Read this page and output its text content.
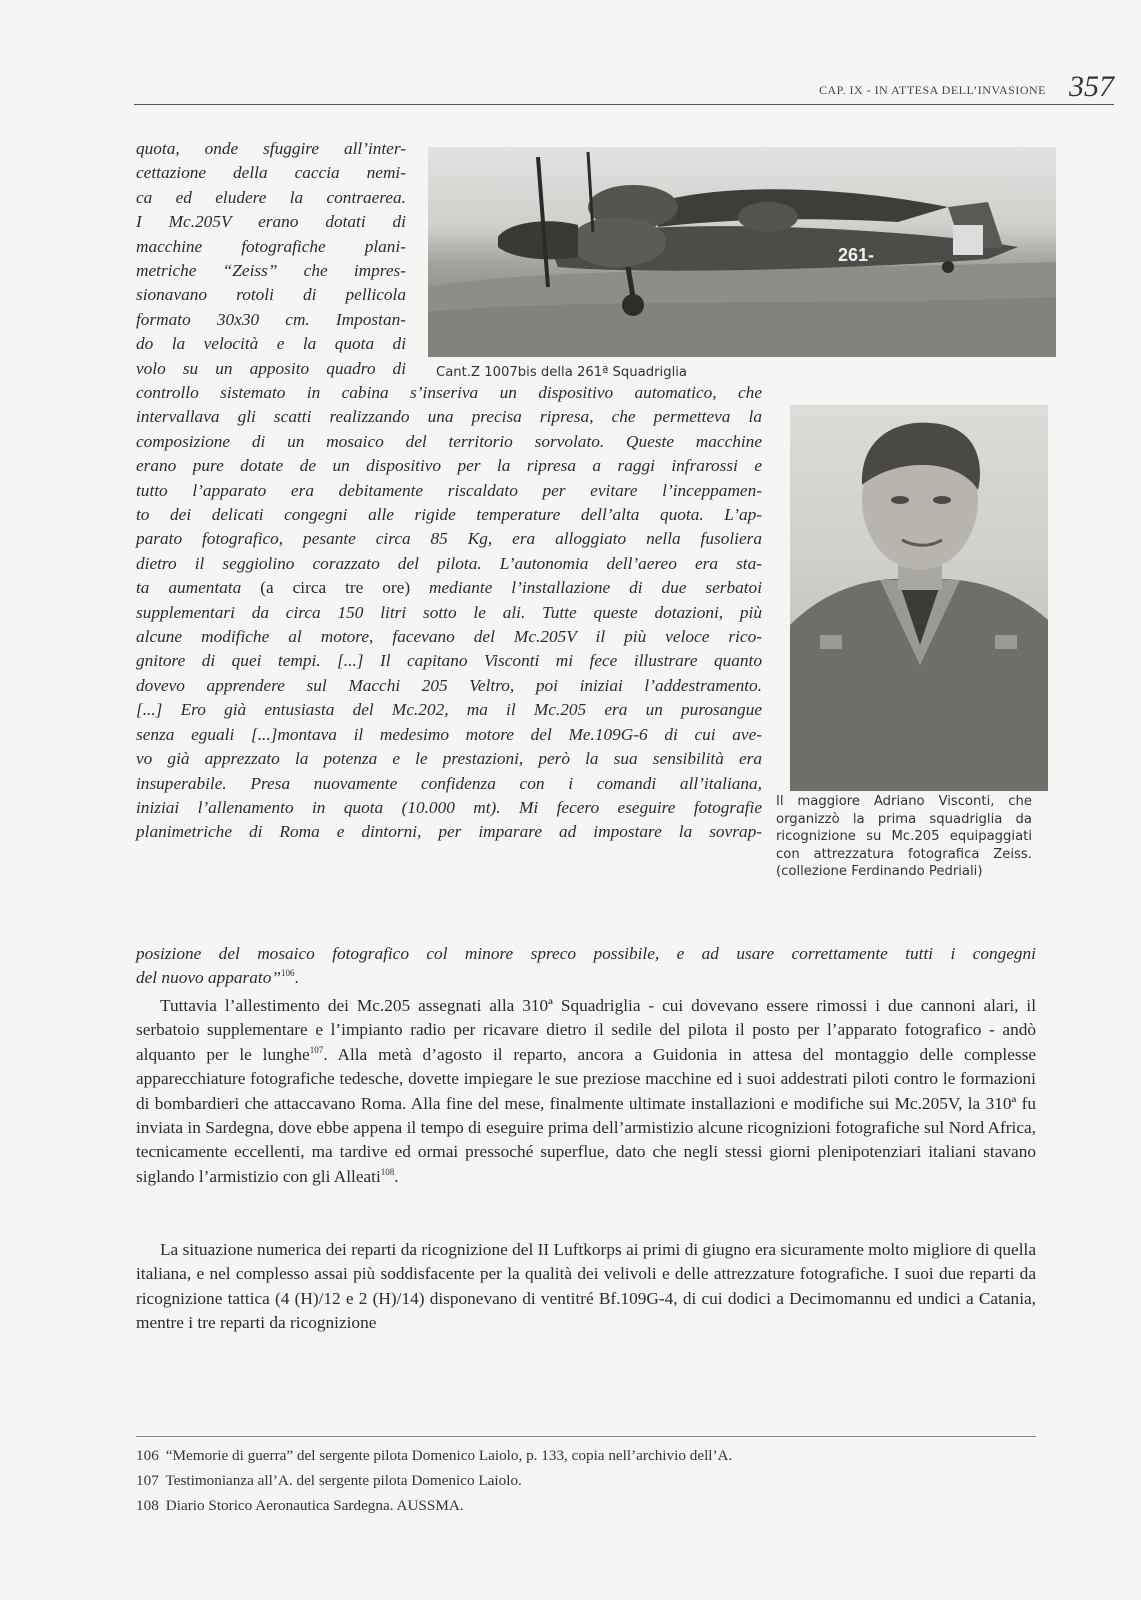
CAP. IX - IN ATTESA DELL’INVASIONE 357
261-

Cant.Z 1007bis della 261ª Squadriglia

Il maggiore Adriano Visconti, che
organizzò la prima squadriglia da
ricognizione su Mc.205 equipaggiati
con attrezzatura fotografica Zeiss.
(collezione Ferdinando Pedriali)

quota, onde sfuggire all’inter-
cettazione della caccia nemi-
ca ed eludere la contraerea.
I Mc.205V erano dotati di
macchine fotografiche plani-
metriche “Zeiss” che impres-
sionavano rotoli di pellicola
formato 30x30 cm. Impostan-
do la velocità e la quota di
volo su un apposito quadro di
controllo sistemato in cabina s’inseriva un dispositivo automatico, che
intervallava gli scatti realizzando una precisa ripresa, che permetteva la
composizione di un mosaico del territorio sorvolato. Queste macchine
erano pure dotate de un dispositivo per la ripresa a raggi infrarossi e
tutto l’apparato era debitamente riscaldato per evitare l’inceppamen-
to dei delicati congegni alle rigide temperature dell’alta quota. L’ap-
parato fotografico, pesante circa 85 Kg, era alloggiato nella fusoliera
dietro il seggiolino corazzato del pilota. L’autonomia dell’aereo era sta-
ta aumentata (a circa tre ore) mediante l’installazione di due serbatoi
supplementari da circa 150 litri sotto le ali. Tutte queste dotazioni, più
alcune modifiche al motore, facevano del Mc.205V il più veloce rico-
gnitore di quei tempi. [...] Il capitano Visconti mi fece illustrare quanto
dovevo apprendere sul Macchi 205 Veltro, poi iniziai l’addestramento.
[...] Ero già entusiasta del Mc.202, ma il Mc.205 era un purosangue
senza eguali [...]montava il medesimo motore del Me.109G-6 di cui ave-
vo già apprezzato la potenza e le prestazioni, però la sua sensibilità era
insuperabile. Presa nuovamente confidenza con i comandi all’italiana,
iniziai l’allenamento in quota (10.000 mt). Mi fecero eseguire fotografie
planimetriche di Roma e dintorni, per imparare ad impostare la sovrap-
posizione del mosaico fotografico col minore spreco possibile, e ad usare correttamente tutti i congegni
del nuovo apparato”$^{106}$.

Tuttavia l’allestimento dei Mc.205 assegnati alla 310ª Squadriglia - cui dovevano essere rimossi i due cannoni alari, il serbatoio supplementare e l’impianto radio per ricavare dietro il sedile del pilota il posto per l’apparato fotografico - andò alquanto per le lunghe$^{107}$. Alla metà d’agosto il reparto, ancora a Guidonia in attesa del montaggio delle complesse apparecchiature fotografiche tedesche, dovette impiegare le sue preziose macchine ed i suoi addestrati piloti contro le formazioni di bombardieri che attaccavano Roma. Alla fine del mese, finalmente ultimate installazioni e modifiche sui Mc.205V, la 310ª fu inviata in Sardegna, dove ebbe appena il tempo di eseguire prima dell’armistizio alcune ricognizioni fotografiche sul Nord Africa, tecnicamente eccellenti, ma tardive ed ormai pressoché superflue, dato che negli stessi giorni plenipotenziari italiani stavano siglando l’armistizio con gli Alleati$^{108}$.

La situazione numerica dei reparti da ricognizione del II Luftkorps ai primi di giugno era sicuramente molto migliore di quella italiana, e nel complesso assai più soddisfacente per la qualità dei velivoli e delle attrezzature fotografiche. I suoi due reparti da ricognizione tattica (4 (H)/12 e 2 (H)/14) disponevano di ventitré Bf.109G-4, di cui dodici a Decimomannu ed undici a Catania, mentre i tre reparti da ricognizione

106 “Memorie di guerra” del sergente pilota Domenico Laiolo, p. 133, copia nell’archivio dell’A.
107 Testimonianza all’A. del sergente pilota Domenico Laiolo.
108 Diario Storico Aeronautica Sardegna. AUSSMA.
